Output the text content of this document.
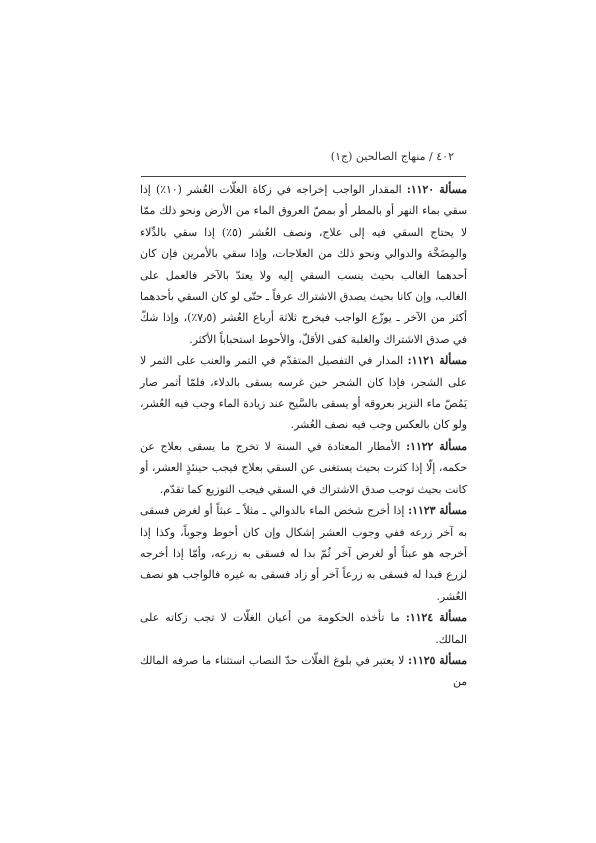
٤٠٢ / منهاج الصالحين (ج١)

مسألة ١١٢٠: المقدار الواجب إخراجه في زكاة الغلّات العُشر (١٠٪) إذا سقي بماء النهر أو بالمطر أو بمصّ العروق الماء من الأرض ونحو ذلك ممّا لا يحتاج السقي فيه إلى علاج، ونصف العُشر (٥٪) إذا سقي بالدِّلاء والمِضَخَّة والدوالي ونحو ذلك من العلاجات، وإذا سقي بالأمرين فإن كان أحدهما الغالب بحيث ينسب السقي إليه ولا يعتدّ بالآخر فالعمل على الغالب، وإن كانا بحيث يصدق الاشتراك عرفاً ـ حتّى لو كان السقي بأحدهما أكثر من الآخر ـ يوزّع الواجب فيخرج ثلاثة أرباع العُشر (٧٫٥٪)، وإذا شكّ في صدق الاشتراك والغلبة كفى الأقلّ، والأحوط استحباباً الأكثر.

مسألة ١١٢١: المدار في التفصيل المتقدّم في التمر والعنب على الثمر لا على الشجر، فإذا كان الشجر حين غرسه يسقى بالدلاء، فلمّا أثمر صار يَمُصّ ماء النزيز بعروقه أو يسقى بالسَّيح عند زيادة الماء وجب فيه العُشر، ولو كان بالعكس وجب فيه نصف العُشر.

مسألة ١١٢٢: الأمطار المعتادة في السنة لا تخرج ما يسقى بعلاج عن حكمه، إلّا إذا كثرت بحيث يستغنى عن السقي بعلاج فيجب حينئذٍ العشر، أو كانت بحيث توجب صدق الاشتراك في السقي فيجب التوزيع كما تقدّم.

مسألة ١١٢٣: إذا أخرج شخص الماء بالدوالي ـ مثلاً ـ عبثاً أو لغرض فسقى به آخر زرعه ففي وجوب العشر إشكال وإن كان أحوط وجوباً، وكذا إذا أخرجه هو عبثاً أو لغرض آخر ثُمّ بدا له فسقى به زرعه، وأمّا إذا أخرجه لزرع فبدا له فسقى به زرعاً آخر أو زاد فسقى به غيره فالواجب هو نصف العُشر.

مسألة ١١٢٤: ما تأخذه الحكومة من أعيان الغلّات لا تجب زكاته على المالك.

مسألة ١١٢٥: لا يعتبر في بلوغ الغلّات حدّ النصاب استثناء ما صرفه المالك من
